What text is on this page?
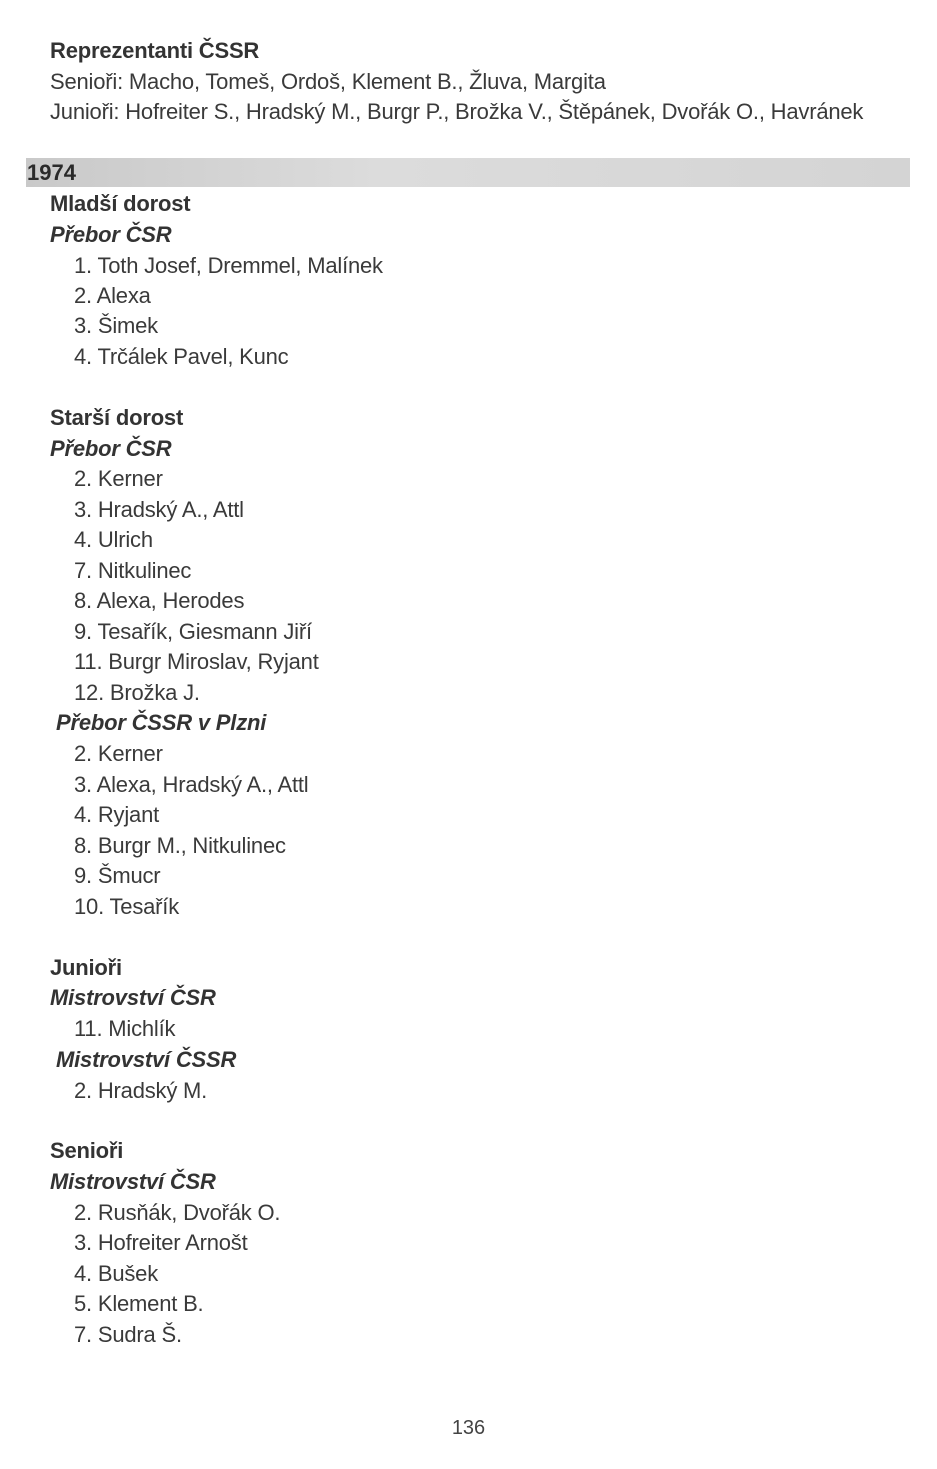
Reprezentanti ČSSR
Senioři: Macho, Tomeš, Ordoš, Klement B., Žluva, Margita
Junioři: Hofreiter S., Hradský M., Burgr P., Brožka V., Štěpánek, Dvořák O., Havránek
1974
Mladší dorost
Přebor ČSR
1. Toth Josef, Dremmel, Malínek
2. Alexa
3. Šimek
4. Trčálek Pavel, Kunc
Starší dorost
Přebor ČSR
2. Kerner
3. Hradský A., Attl
4. Ulrich
7. Nitkulinec
8. Alexa, Herodes
9. Tesařík, Giesmann Jiří
11. Burgr Miroslav, Ryjant
12. Brožka J.
Přebor ČSSR v Plzni
2. Kerner
3. Alexa, Hradský A., Attl
4. Ryjant
8. Burgr M., Nitkulinec
9. Šmucr
10. Tesařík
Junioři
Mistrovství ČSR
11. Michlík
Mistrovství ČSSR
2. Hradský M.
Senioři
Mistrovství ČSR
2. Rusňák, Dvořák O.
3. Hofreiter Arnošt
4. Bušek
5. Klement B.
7. Sudra Š.
136
